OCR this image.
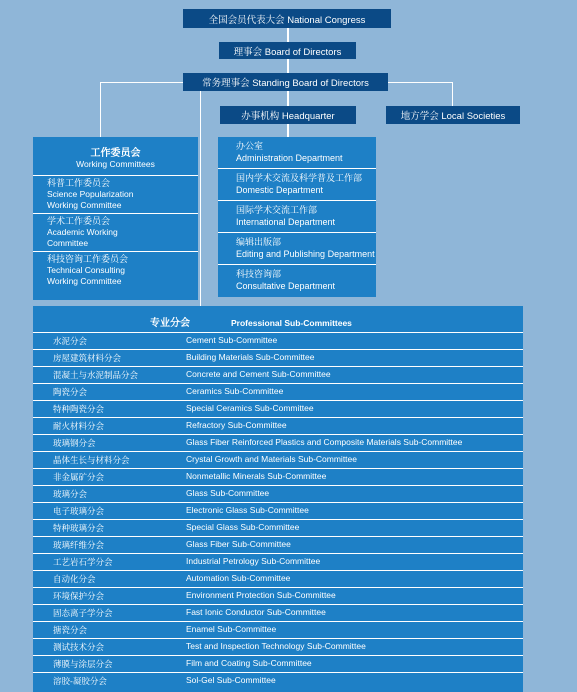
全国会员代表大会 National Congress
理事会 Board of Directors
常务理事会 Standing Board of Directors
办事机构 Headquarter	地方学会 Local Societies
工作委员会
Working Committees
科普工作委员会
Science Popularization
Working Committee
学术工作委员会
Academic Working
Committee
科技咨询工作委员会
Technical Consulting
Working Committee
办公室
Administration Department
国内学术交流及科学普及工作部
Domestic Department
国际学术交流工作部
International Department
编辑出版部
Editing and Publishing Department
科技咨询部
Consultative Department
专业分会	Professional Sub-Committees
水泥分会	Cement Sub-Committee
房屋建筑材料分会	Building Materials Sub-Committee
混凝土与水泥制品分会	Concrete and Cement Sub-Committee
陶瓷分会	Ceramics Sub-Committee
特种陶瓷分会	Special Ceramics Sub-Committee
耐火材料分会	Refractory Sub-Committee
玻璃钢分会	Glass Fiber Reinforced Plastics and Composite Materials Sub-Committee
晶体生长与材料分会	Crystal Growth and Materials Sub-Committee
非金属矿分会	Nonmetallic Minerals Sub-Committee
玻璃分会	Glass Sub-Committee
电子玻璃分会	Electronic Glass Sub-Committee
特种玻璃分会	Special Glass Sub-Committee
玻璃纤维分会	Glass Fiber Sub-Committee
工艺岩石学分会	Industrial Petrology Sub-Committee
自动化分会	Automation Sub-Committee
环境保护分会	Environment Protection Sub-Committee
固态离子学分会	Fast Ionic Conductor Sub-Committee
搪瓷分会	Enamel Sub-Committee
测试技术分会	Test and Inspection Technology Sub-Committee
薄膜与涂层分会	Film and Coating Sub-Committee
溶胶-凝胶分会	Sol-Gel Sub-Committee
